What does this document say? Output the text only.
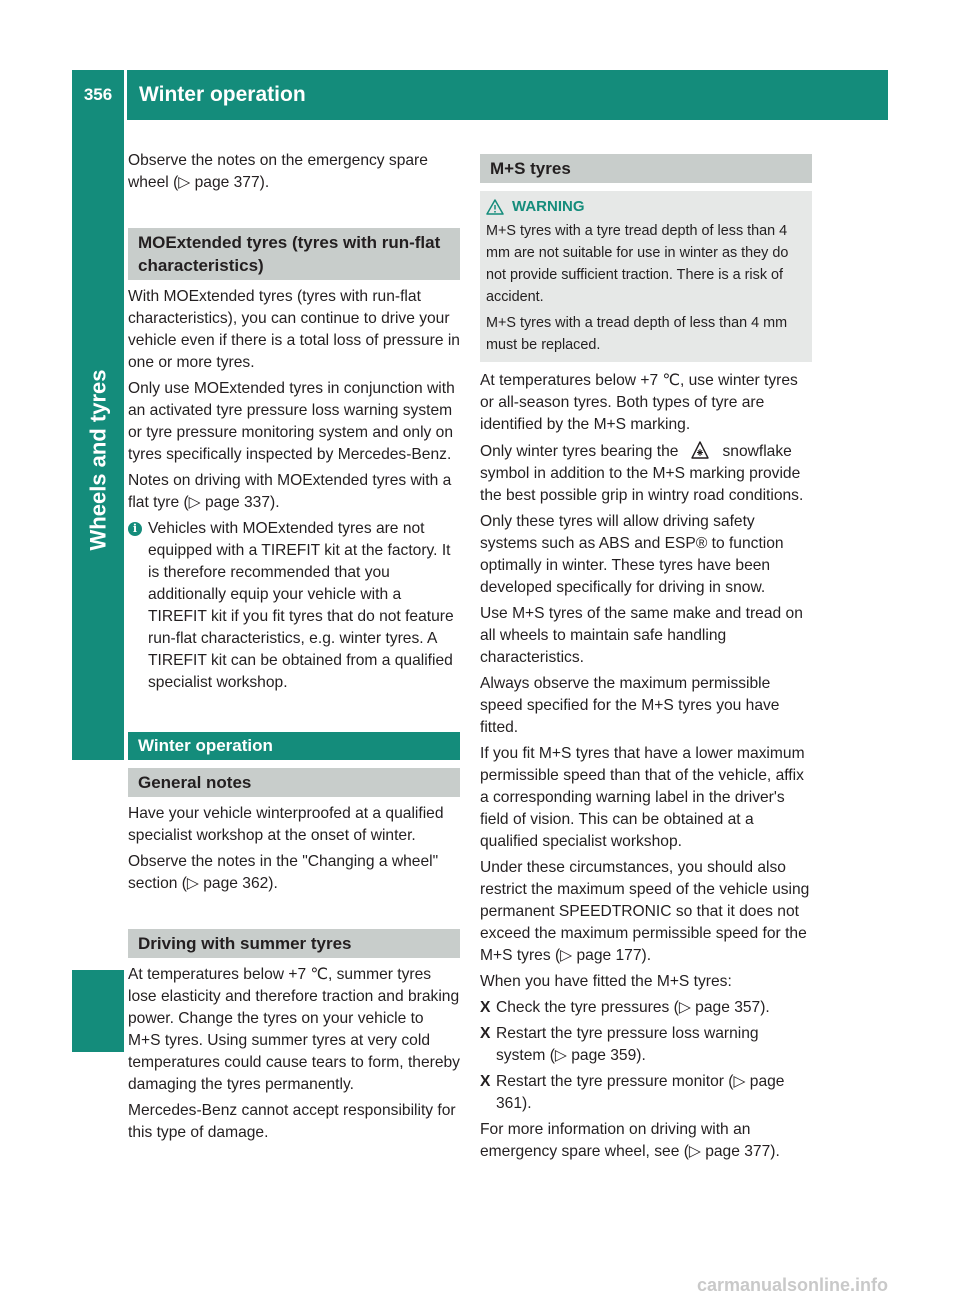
356	Winter operation
Wheels and tyres

Observe the notes on the emergency spare wheel (▷ page 377).

MOExtended tyres (tyres with run-flat characteristics)

With MOExtended tyres (tyres with run-flat characteristics), you can continue to drive your vehicle even if there is a total loss of pressure in one or more tyres.

Only use MOExtended tyres in conjunction with an activated tyre pressure loss warning system or tyre pressure monitoring system and only on tyres specifically inspected by Mercedes-Benz.

Notes on driving with MOExtended tyres with a flat tyre (▷ page 337).

i Vehicles with MOExtended tyres are not equipped with a TIREFIT kit at the factory. It is therefore recommended that you additionally equip your vehicle with a TIREFIT kit if you fit tyres that do not feature run-flat characteristics, e.g. winter tyres. A TIREFIT kit can be obtained from a qualified specialist workshop.

Winter operation
General notes

Have your vehicle winterproofed at a qualified specialist workshop at the onset of winter.

Observe the notes in the "Changing a wheel" section (▷ page 362).

Driving with summer tyres

At temperatures below +7 ℃, summer tyres lose elasticity and therefore traction and braking power. Change the tyres on your vehicle to M+S tyres. Using summer tyres at very cold temperatures could cause tears to form, thereby damaging the tyres permanently.

Mercedes-Benz cannot accept responsibility for this type of damage.

M+S tyres
WARNING

M+S tyres with a tyre tread depth of less than 4 mm are not suitable for use in winter as they do not provide sufficient traction. There is a risk of accident.

M+S tyres with a tread depth of less than 4 mm must be replaced.

At temperatures below +7 ℃, use winter tyres or all-season tyres. Both types of tyre are identified by the M+S marking.

Only winter tyres bearing the	snowflake symbol in addition to the M+S marking provide the best possible grip in wintry road conditions.

Only these tyres will allow driving safety systems such as ABS and ESP® to function optimally in winter. These tyres have been developed specifically for driving in snow.

Use M+S tyres of the same make and tread on all wheels to maintain safe handling characteristics.

Always observe the maximum permissible speed specified for the M+S tyres you have fitted.

If you fit M+S tyres that have a lower maximum permissible speed than that of the vehicle, affix a corresponding warning label in the driver's field of vision. This can be obtained at a qualified specialist workshop.

Under these circumstances, you should also restrict the maximum speed of the vehicle using permanent SPEEDTRONIC so that it does not exceed the maximum permissible speed for the M+S tyres (▷ page 177).

When you have fitted the M+S tyres:

X Check the tyre pressures (▷ page 357).
X Restart the tyre pressure loss warning system (▷ page 359).
X Restart the tyre pressure monitor (▷ page 361).

For more information on driving with an emergency spare wheel, see (▷ page 377).

carmanualsonline.info
